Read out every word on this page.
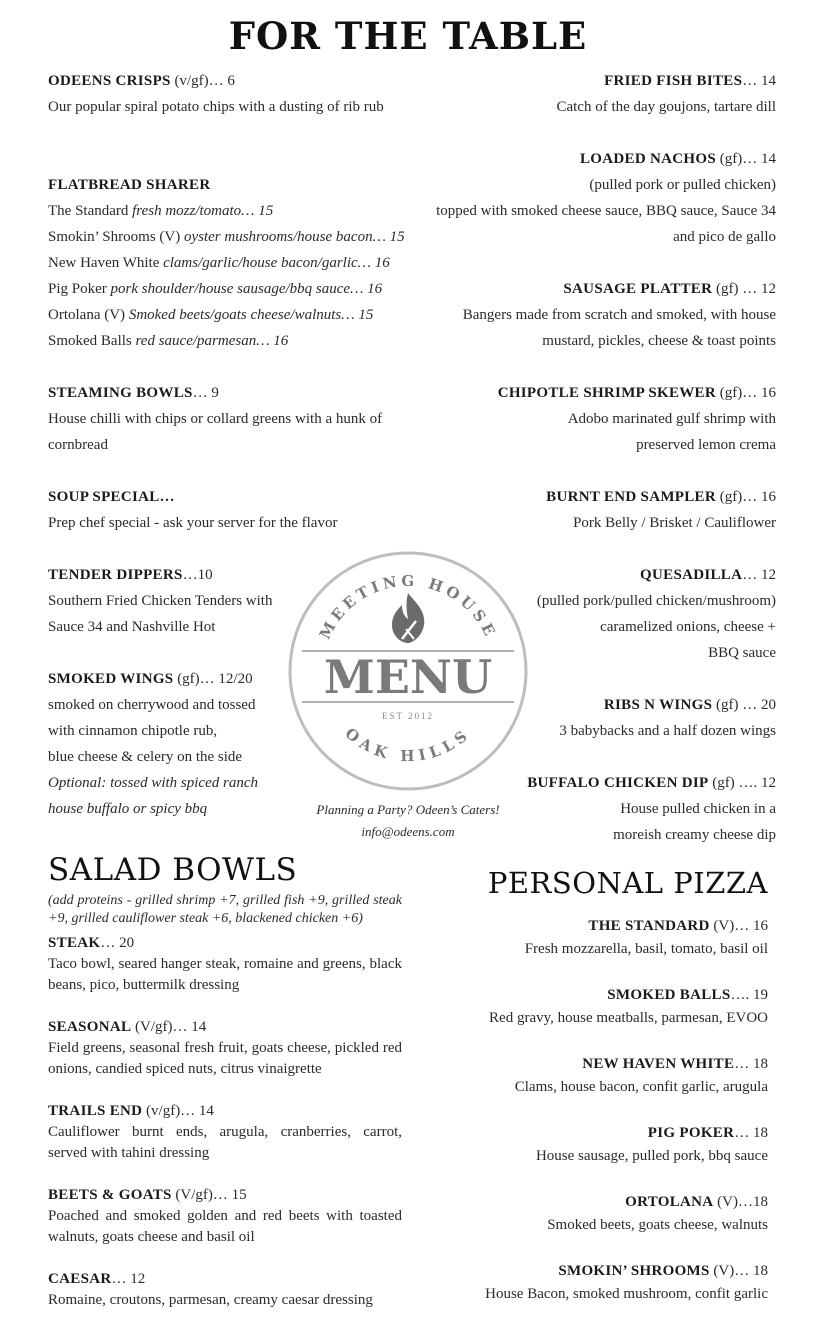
FOR THE TABLE
ODEENS CRISPS (v/gf)… 6
Our popular spiral potato chips with a dusting of rib rub
FLATBREAD SHARER
The Standard fresh mozz/tomato… 15
Smokin’ Shrooms (V) oyster mushrooms/house bacon… 15
New Haven White clams/garlic/house bacon/garlic… 16
Pig Poker pork shoulder/house sausage/bbq sauce… 16
Ortolana (V) Smoked beets/goats cheese/walnuts… 15
Smoked Balls red sauce/parmesan… 16
STEAMING BOWLS… 9
House chilli with chips or collard greens with a hunk of cornbread
SOUP SPECIAL…
Prep chef special - ask your server for the flavor
TENDER DIPPERS…10
Southern Fried Chicken Tenders with Sauce 34 and Nashville Hot
SMOKED WINGS (gf)… 12/20
smoked on cherrywood and tossed
with cinnamon chipotle rub,
blue cheese & celery on the side
Optional: tossed with spiced ranch
house buffalo or spicy bbq
FRIED FISH BITES… 14
Catch of the day goujons, tartare dill
LOADED NACHOS (gf)… 14
(pulled pork or pulled chicken)
topped with smoked cheese sauce, BBQ sauce, Sauce 34 and pico de gallo
SAUSAGE PLATTER (gf) … 12
Bangers made from scratch and smoked, with house mustard, pickles, cheese & toast points
CHIPOTLE SHRIMP SKEWER (gf)… 16
Adobo marinated gulf shrimp with
preserved lemon crema
BURNT END SAMPLER (gf)… 16
Pork Belly / Brisket / Cauliflower
QUESADILLA… 12
(pulled pork/pulled chicken/mushroom)
caramelized onions, cheese +
BBQ sauce
RIBS N WINGS (gf) … 20
3 babybacks and a half dozen wings
BUFFALO CHICKEN DIP (gf) …. 12
House pulled chicken in a
moreish creamy cheese dip
MEETING HOUSE
MENU
EST 2012
OAK HILLS
Planning a Party? Odeen’s Caters!
info@odeens.com
SALAD BOWLS
(add proteins - grilled shrimp +7, grilled fish +9, grilled steak +9, grilled cauliflower steak +6, blackened chicken +6)
STEAK… 20
Taco bowl, seared hanger steak, romaine and greens, black beans, pico, buttermilk dressing
SEASONAL (V/gf)… 14
Field greens, seasonal fresh fruit, goats cheese, pickled red onions, candied spiced nuts, citrus vinaigrette
TRAILS END (v/gf)… 14
Cauliflower burnt ends, arugula, cranberries, carrot, served with tahini dressing
BEETS & GOATS (V/gf)… 15
Poached and smoked golden and red beets with toasted walnuts, goats cheese and basil oil
CAESAR… 12
Romaine, croutons, parmesan, creamy caesar dressing
PERSONAL PIZZA
THE STANDARD (V)… 16
Fresh mozzarella, basil, tomato, basil oil
SMOKED BALLS…. 19
Red gravy, house meatballs, parmesan, EVOO
NEW HAVEN WHITE… 18
Clams, house bacon, confit garlic, arugula
PIG POKER… 18
House sausage, pulled pork, bbq sauce
ORTOLANA (V)…18
Smoked beets, goats cheese, walnuts
SMOKIN’ SHROOMS (V)… 18
House Bacon, smoked mushroom, confit garlic
